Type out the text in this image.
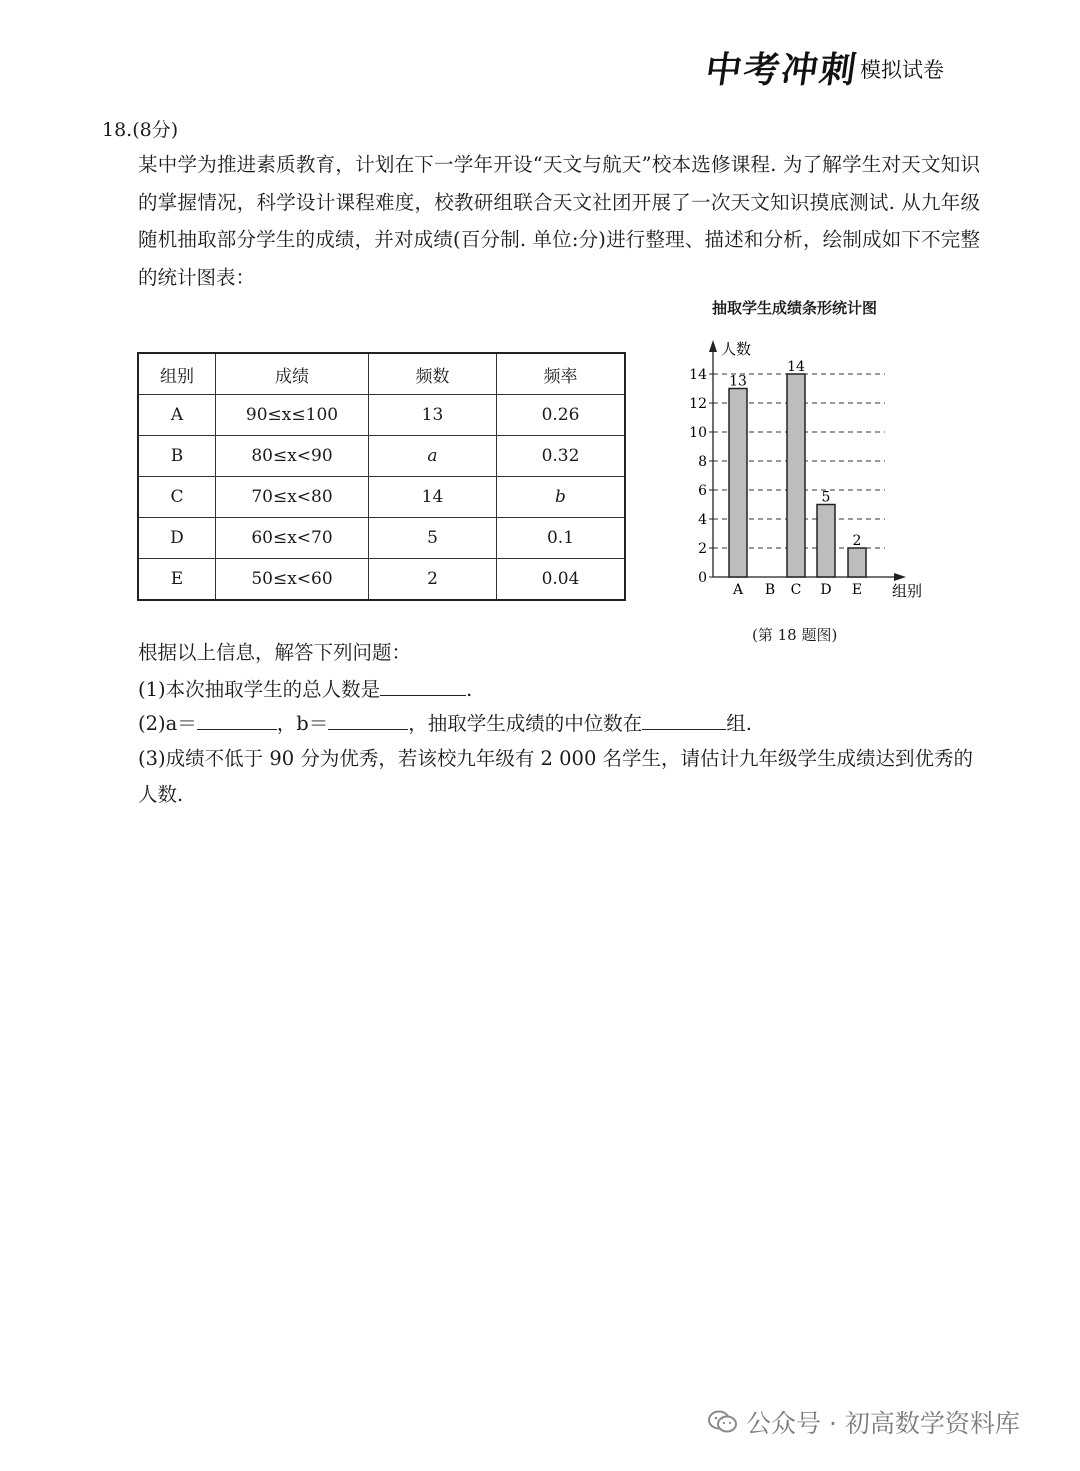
中考冲刺 模拟试卷
18.(8分)
某中学为推进素质教育，计划在下一学年开设“天文与航天”校本选修课程. 为了解学生对天文知识的掌握情况，科学设计课程难度，校教研组联合天文社团开展了一次天文知识摸底测试. 从九年级随机抽取部分学生的成绩，并对成绩(百分制. 单位:分)进行整理、描述和分析，绘制成如下不完整的统计图表：
组别	成绩	频数	频率
A	90≤x≤100	13	0.26
B	80≤x<90	a	0.32
C	70≤x<80	14	b
D	60≤x<70	5	0.1
E	50≤x<60	2	0.04
抽取学生成绩条形统计图
0
2
4
6
8
10
12
14
人数
组别
A
13
B C
14
D
5
E
2
(第 18 题图)
根据以上信息，解答下列问题：
(1)本次抽取学生的总人数是	.
(2)a＝	，b＝	，抽取学生成绩的中位数在	组.
(3)成绩不低于 90 分为优秀，若该校九年级有 2 000 名学生，请估计九年级学生成绩达到优秀的人数.
公众号 · 初高数学资料库
